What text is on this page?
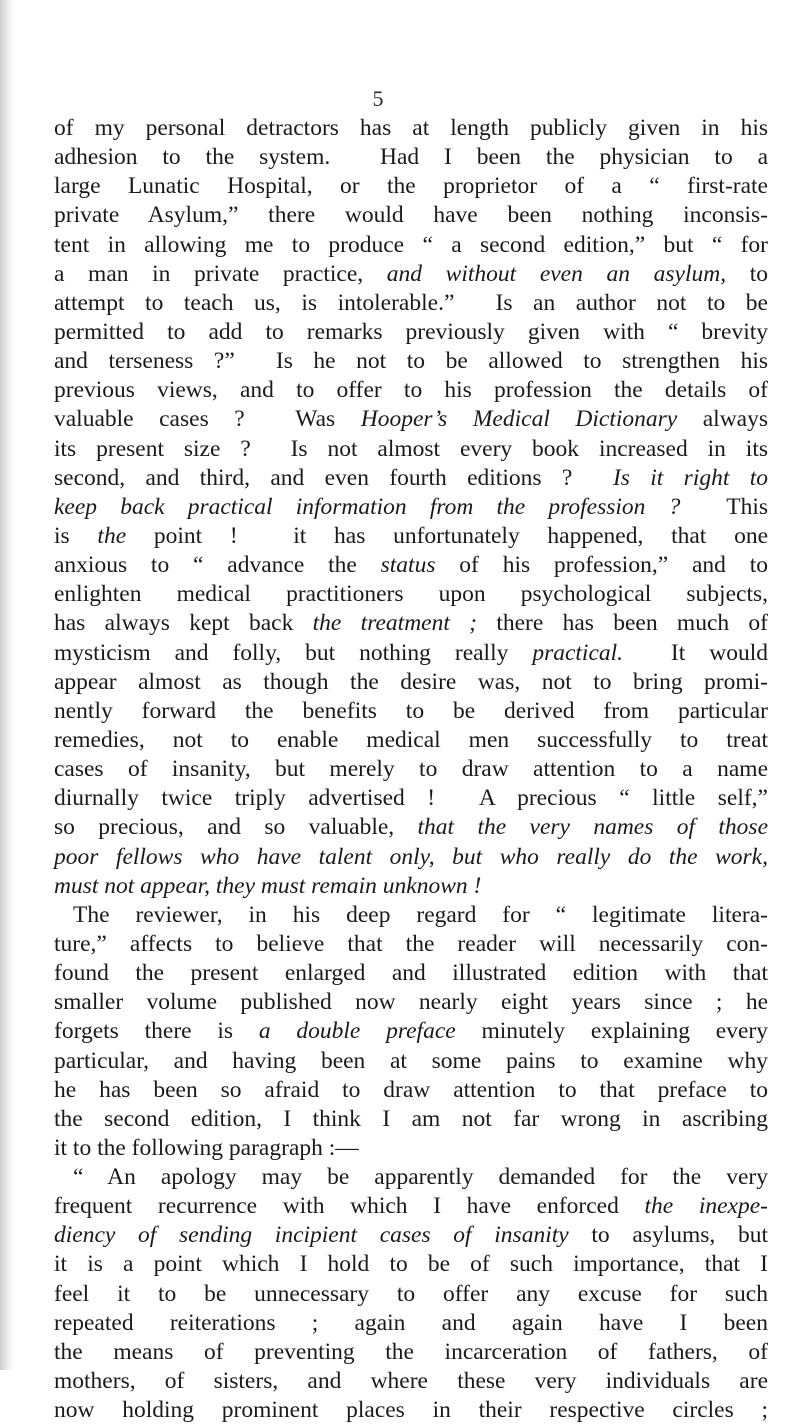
5
of my personal detractors has at length publicly given in his
adhesion to the system.  Had I been the physician to a
large Lunatic Hospital, or the proprietor of a “ first-rate
private Asylum,” there would have been nothing inconsis-
tent in allowing me to produce “ a second edition,” but “ for
a man in private practice, and without even an asylum, to
attempt to teach us, is intolerable.”  Is an author not to be
permitted to add to remarks previously given with “ brevity
and terseness ?”  Is he not to be allowed to strengthen his
previous views, and to offer to his profession the details of
valuable cases ?  Was Hooper’s Medical Dictionary always
its present size ?  Is not almost every book increased in its
second, and third, and even fourth editions ?  Is it right to
keep back practical information from the profession ?  This
is the point !  it has unfortunately happened, that one
anxious to “ advance the status of his profession,” and to
enlighten medical practitioners upon psychological subjects,
has always kept back the treatment ; there has been much of
mysticism and folly, but nothing really practical.  It would
appear almost as though the desire was, not to bring promi-
nently forward the benefits to be derived from particular
remedies, not to enable medical men successfully to treat
cases of insanity, but merely to draw attention to a name
diurnally twice triply advertised !  A precious “ little self,”
so precious, and so valuable, that the very names of those
poor fellows who have talent only, but who really do the work,
must not appear, they must remain unknown !
The reviewer, in his deep regard for “ legitimate litera-
ture,” affects to believe that the reader will necessarily con-
found the present enlarged and illustrated edition with that
smaller volume published now nearly eight years since ; he
forgets there is a double preface minutely explaining every
particular, and having been at some pains to examine why
he has been so afraid to draw attention to that preface to
the second edition, I think I am not far wrong in ascribing
it to the following paragraph :—
“ An apology may be apparently demanded for the very
frequent recurrence with which I have enforced the inexpe-
diency of sending incipient cases of insanity to asylums, but
it is a point which I hold to be of such importance, that I
feel it to be unnecessary to offer any excuse for such
repeated reiterations ; again and again have I been
the means of preventing the incarceration of fathers, of
mothers, of sisters, and where these very individuals are
now holding prominent places in their respective circles ;
